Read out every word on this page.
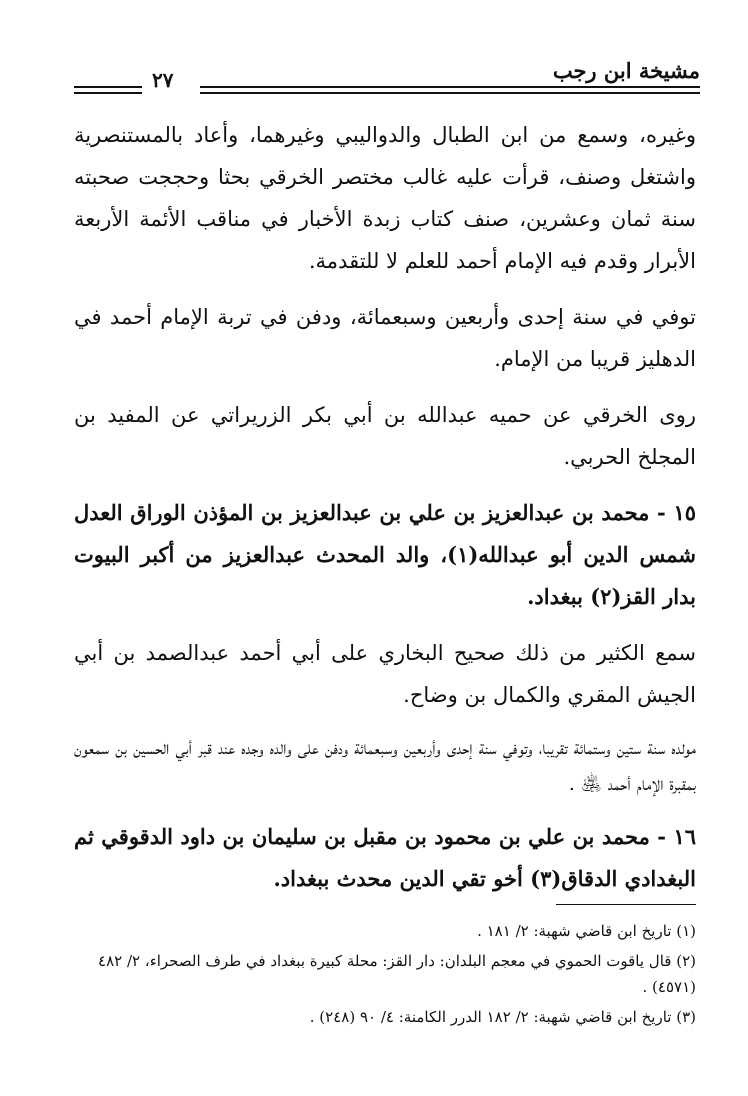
مشيخة ابن رجب
٢٧

وغيره، وسمع من ابن الطبال والدواليبي وغيرهما، وأعاد بالمستنصرية واشتغل وصنف، قرأت عليه غالب مختصر الخرقي بحثا وحججت صحبته سنة ثمان وعشرين، صنف كتاب زبدة الأخبار في مناقب الأئمة الأربعة الأبرار وقدم فيه الإمام أحمد للعلم لا للتقدمة.

توفي في سنة إحدى وأربعين وسبعمائة، ودفن في تربة الإمام أحمد في الدهليز قريبا من الإمام.

روى الخرقي عن حميه عبدالله بن أبي بكر الزريراتي عن المفيد بن المجلخ الحربي.

١٥ - محمد بن عبدالعزيز بن علي بن عبدالعزيز بن المؤذن الوراق العدل شمس الدين أبو عبدالله(١)، والد المحدث عبدالعزيز من أكبر البيوت بدار القز(٢) ببغداد.

سمع الكثير من ذلك صحيح البخاري على أبي أحمد عبدالصمد بن أبي الجيش المقري والكمال بن وضاح.

مولده سنة ستين وستمائة تقريبا، وتوفي سنة إحدى وأربعين وسبعمائة ودفن على والده وجده عند قبر أبي الحسين بن سمعون بمقبرة الإمام أحمد ﵁ .

١٦ - محمد بن علي بن محمود بن مقبل بن سليمان بن داود الدقوقي ثم البغدادي الدقاق(٣) أخو تقي الدين محدث ببغداد.

(١) تاريخ ابن قاضي شهبة: ٢/ ١٨١ .

(٢) قال ياقوت الحموي في معجم البلدان: دار القز: محلة كبيرة ببغداد في طرف الصحراء، ٢/ ٤٨٢ (٤٥٧١) .

(٣) تاريخ ابن قاضي شهبة: ٢/ ١٨٢ الدرر الكامنة: ٤/ ٩٠ (٢٤٨) .
